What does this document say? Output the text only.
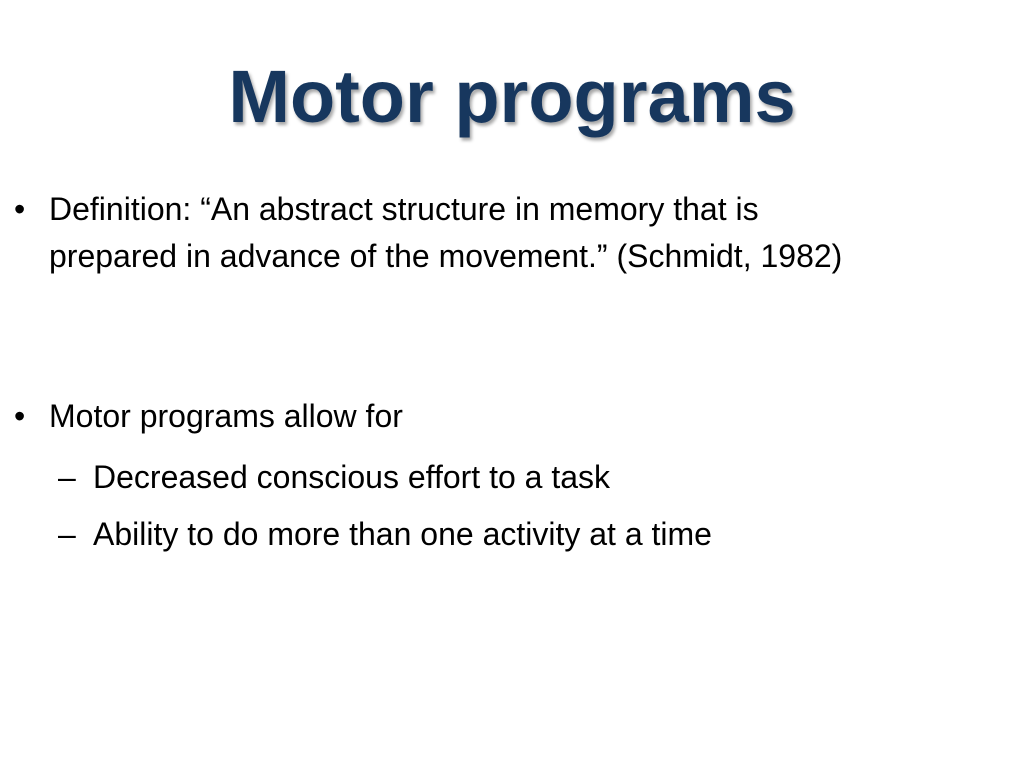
Motor programs
• Definition: “An abstract structure in memory that is prepared in advance of the movement.” (Schmidt, 1982)
• Motor programs allow for
– Decreased conscious effort to a task
– Ability to do more than one activity at a time
